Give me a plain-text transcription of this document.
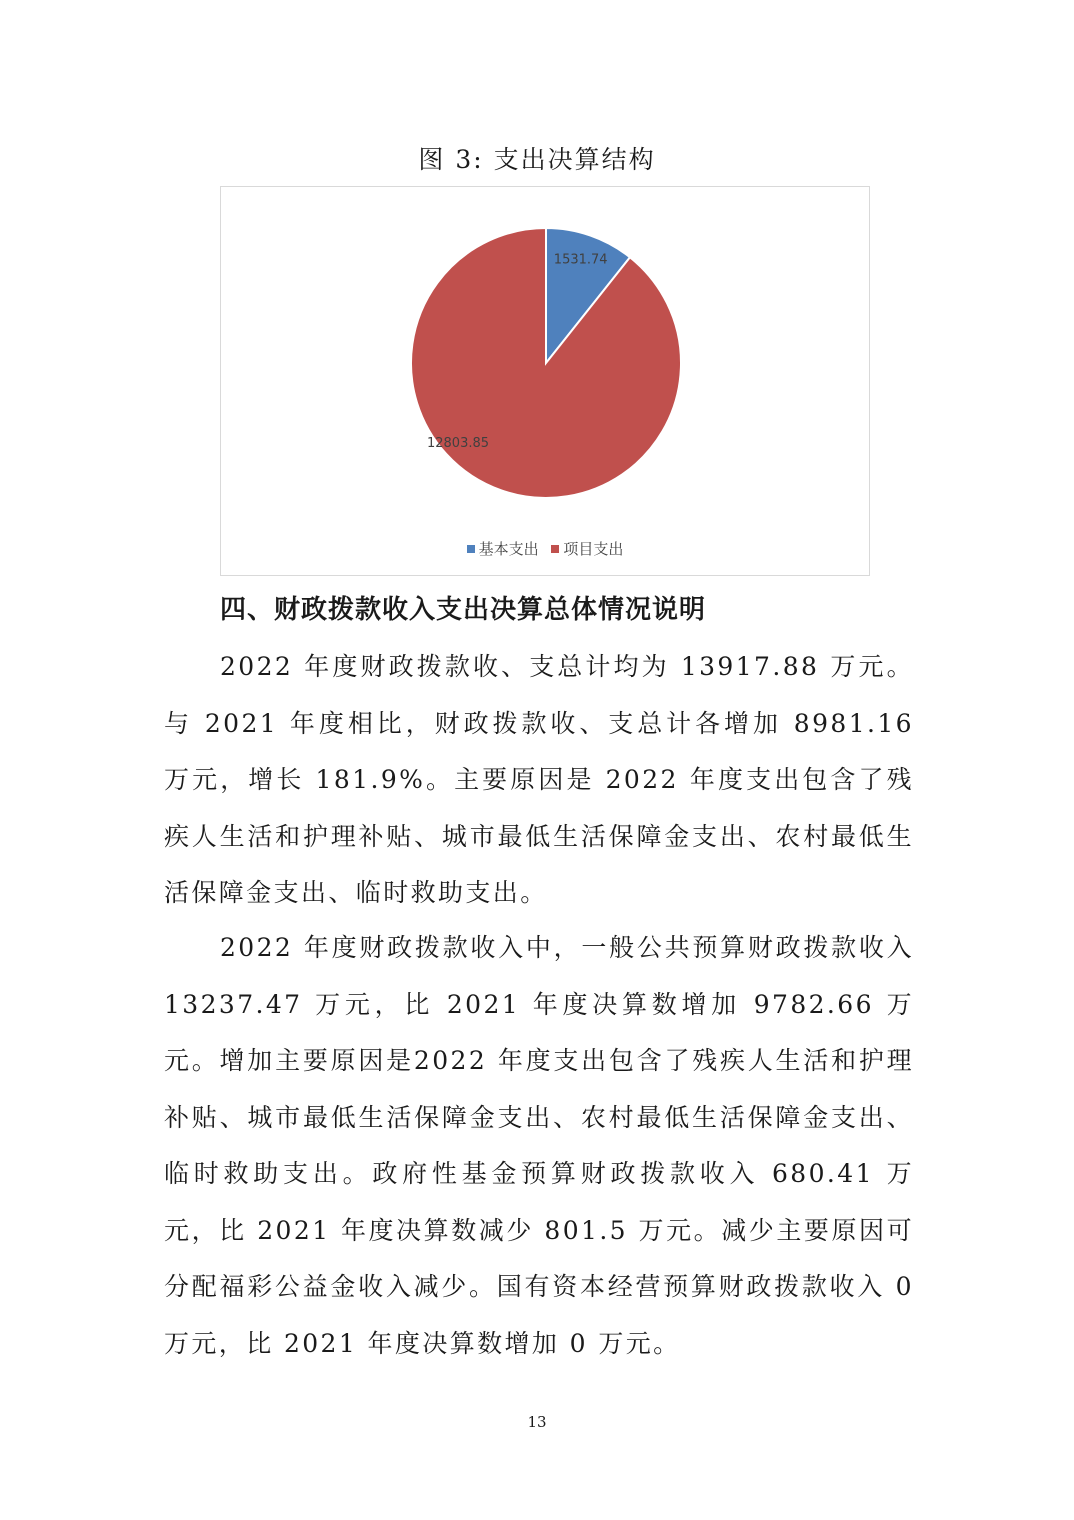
图 3: 支出决算结构
1531.74
12803.85
基本支出 项目支出
四、财政拨款收入支出决算总体情况说明

2022 年度财政拨款收、支总计均为 13917.88 万元。与 2021 年度相比，财政拨款收、支总计各增加 8981.16 万元，增长 181.9%。主要原因是 2022 年度支出包含了残疾人生活和护理补贴、城市最低生活保障金支出、农村最低生活保障金支出、临时救助支出。

2022 年度财政拨款收入中，一般公共预算财政拨款收入 13237.47 万元，比 2021 年度决算数增加 9782.66 万元。增加主要原因是2022 年度支出包含了残疾人生活和护理补贴、城市最低生活保障金支出、农村最低生活保障金支出、临时救助支出。政府性基金预算财政拨款收入 680.41 万元，比 2021 年度决算数减少 801.5 万元。减少主要原因可分配福彩公益金收入减少。国有资本经营预算财政拨款收入 0 万元，比 2021 年度决算数增加 0 万元。

13
